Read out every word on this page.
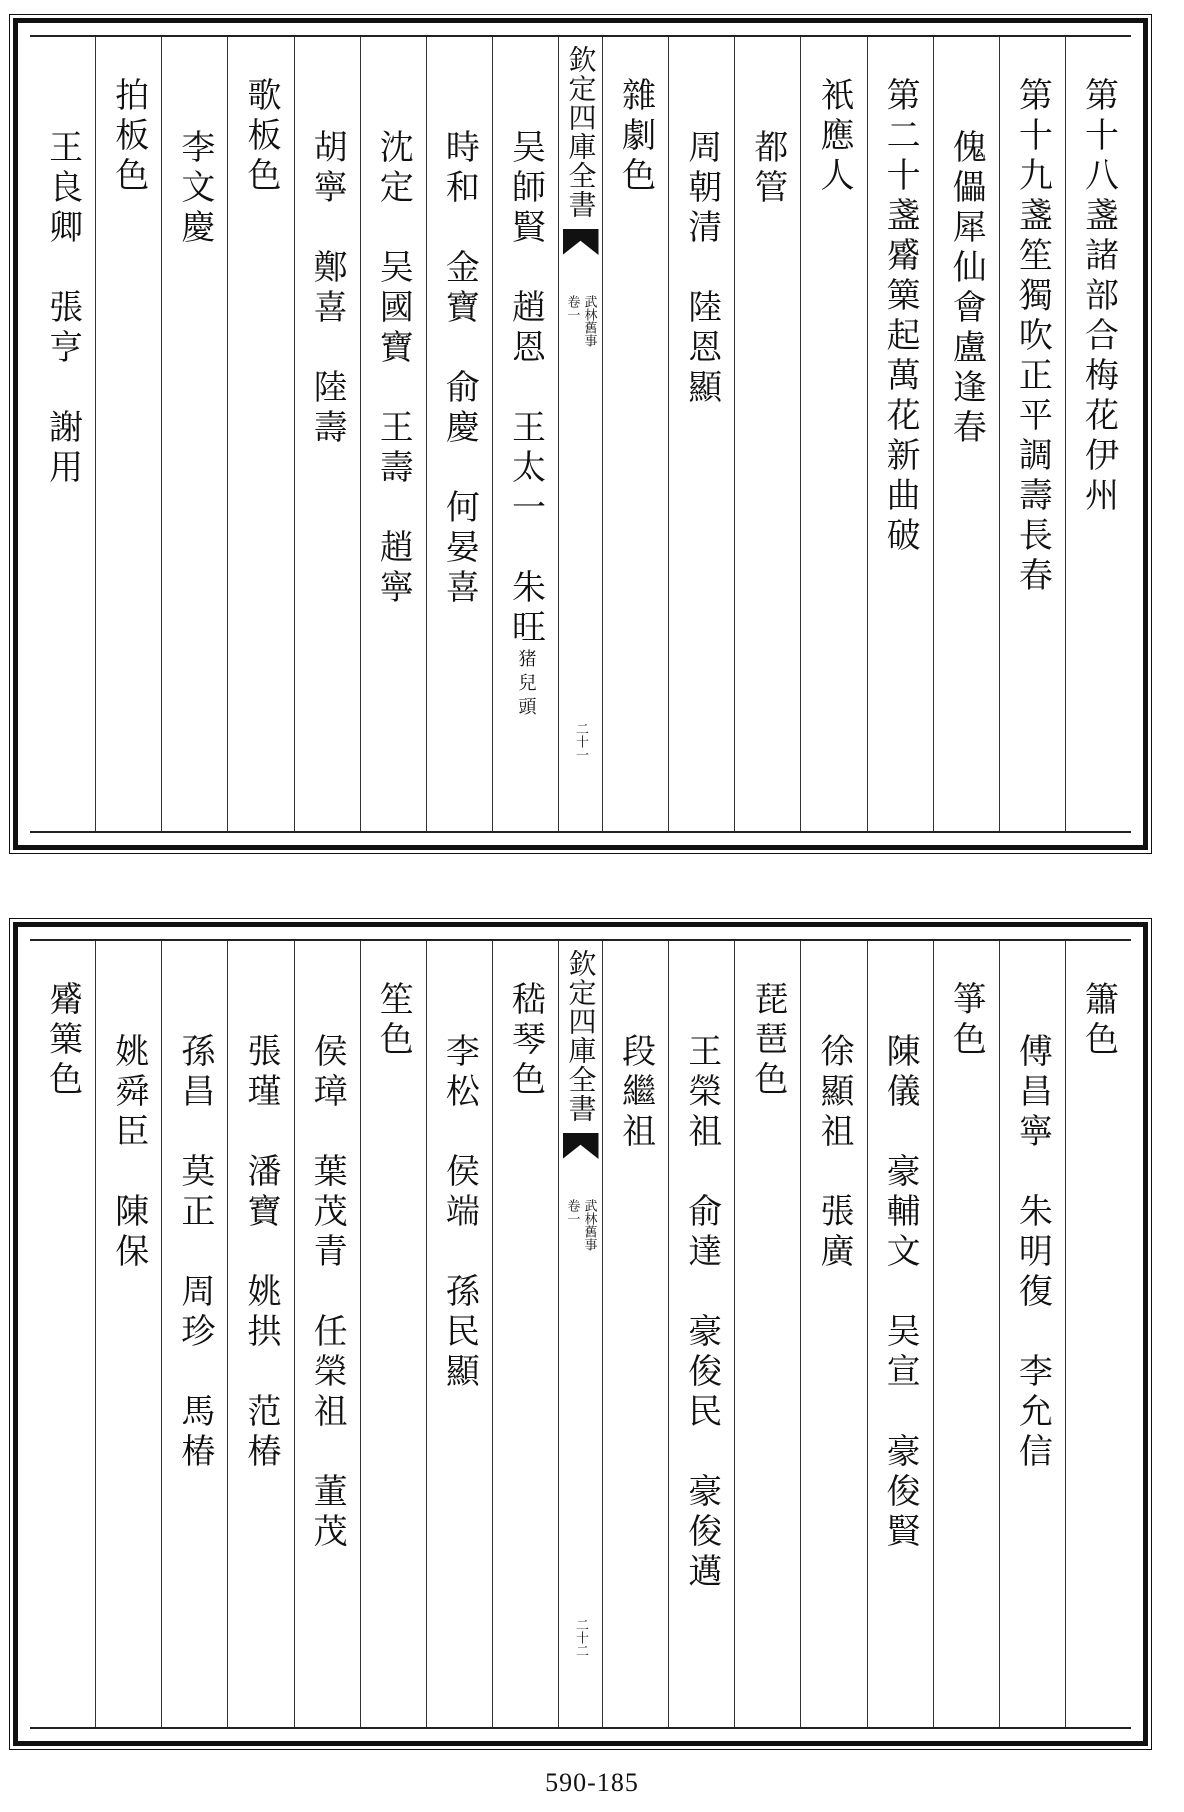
第十八盞諸部合梅花伊州
第十九盞笙獨吹正平調壽長春
傀儡犀仙會盧逢春
第二十盞觱篥起萬花新曲破
衹應人
都管
周朝清　陸恩顯
雜劇色
欽定四庫全書
武林舊事
卷一
二十一
吴師賢　趙恩　王太一　朱旺
猪兒頭
時和　金寶　俞慶　何晏喜
沈定　吴國寶　王壽　趙寧
胡寧　鄭喜　陸壽
歌板色
李文慶
拍板色
王良卿　張亨　謝用
簫色
傅昌寧　朱明復　李允信
箏色
陳儀　豪輔文　吴宣　豪俊賢
徐顯祖　張廣
琵琶色
王榮祖　俞達　豪俊民　豪俊邁
段繼祖
欽定四庫全書
武林舊事
卷一
二十二
嵇琴色
李松　侯端　孫民顯
笙色
侯璋　葉茂青　任榮祖　董茂
張瑾　潘寶　姚拱　范椿
孫昌　莫正　周珍　馬椿
姚舜臣　陳保
觱篥色
590-185
